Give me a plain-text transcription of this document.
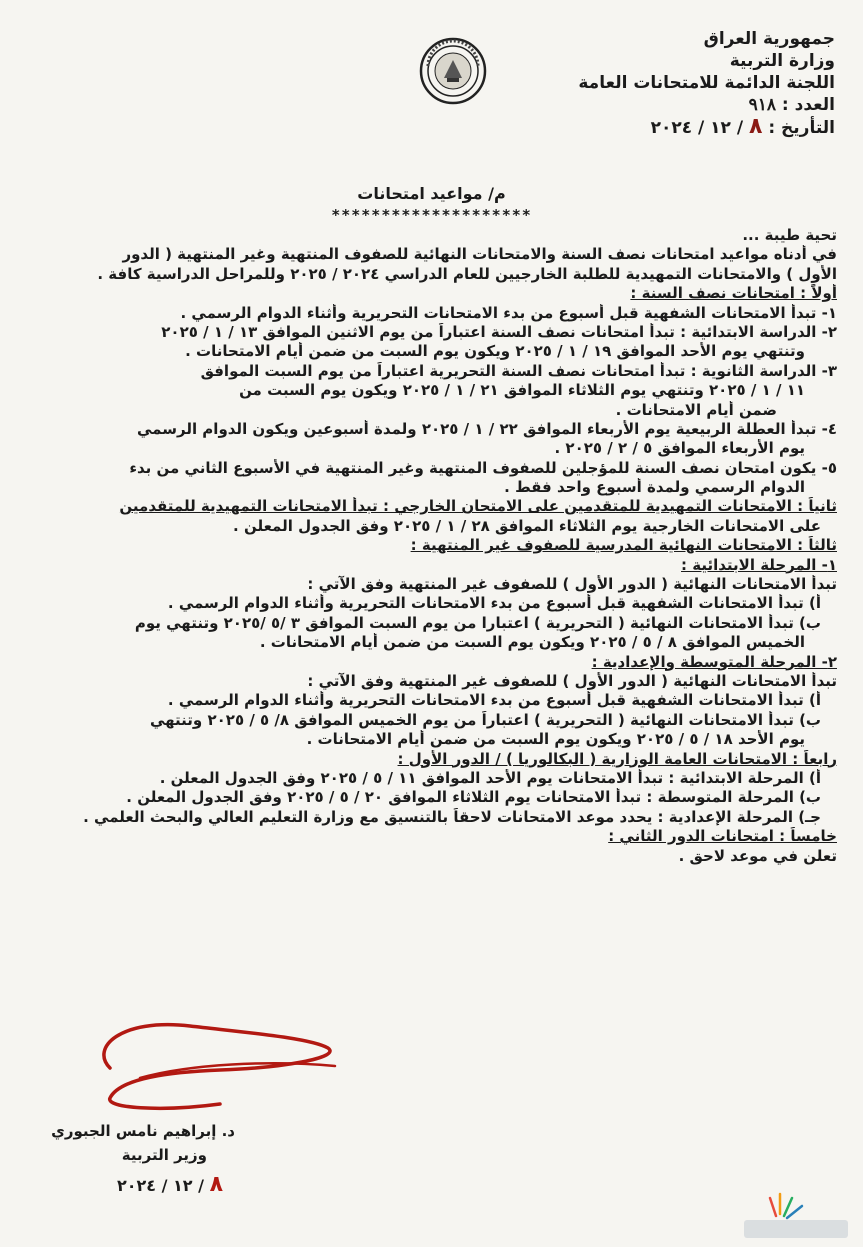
جمهورية العراق
وزارة التربية
اللجنة الدائمة للامتحانات العامة
العدد : ٩١٨
التأريخ : ٨ / ١٢ / ٢٠٢٤
م/ مواعيد امتحانات
********************
تحية طيبة ...
في أدناه مواعيد امتحانات نصف السنة والامتحانات النهائية للصفوف المنتهية وغير المنتهية ( الدور
الأول ) والامتحانات التمهيدية للطلبة الخارجيين للعام الدراسي ٢٠٢٤ / ٢٠٢٥ وللمراحل الدراسية كافة .
أولاً : امتحانات نصف السنة :
١- تبدأ الامتحانات الشفهية قبل أسبوع من بدء الامتحانات التحريرية وأثناء الدوام الرسمي .
٢- الدراسة الابتدائية : تبدأ امتحانات نصف السنة اعتباراً من يوم الاثنين الموافق ١٣ / ١ / ٢٠٢٥
وتنتهي يوم الأحد الموافق ١٩ / ١ / ٢٠٢٥ ويكون يوم السبت من ضمن أيام الامتحانات .
٣- الدراسة الثانوية : تبدأ امتحانات نصف السنة التحريرية اعتباراً من يوم السبت الموافق
١١ / ١ / ٢٠٢٥ وتنتهي يوم الثلاثاء الموافق ٢١ / ١ / ٢٠٢٥ ويكون يوم السبت من
ضمن أيام الامتحانات .
٤- تبدأ العطلة الربيعية يوم الأربعاء الموافق ٢٢ / ١ / ٢٠٢٥ ولمدة أسبوعين ويكون الدوام الرسمي
يوم الأربعاء الموافق ٥ / ٢ / ٢٠٢٥ .
٥- يكون امتحان نصف السنة للمؤجلين للصفوف المنتهية وغير المنتهية في الأسبوع الثاني من بدء
الدوام الرسمي ولمدة أسبوع واحد فقط .
ثانياً : الامتحانات التمهيدية للمتقدمين على الامتحان الخارجي : تبدأ الامتحانات التمهيدية للمتقدمين
على الامتحانات الخارجية يوم الثلاثاء الموافق ٢٨ / ١ / ٢٠٢٥ وفق الجدول المعلن .
ثالثاً : الامتحانات النهائية المدرسية للصفوف غير المنتهية :
١- المرحلة الابتدائية :
تبدأ الامتحانات النهائية ( الدور الأول ) للصفوف غير المنتهية وفق الآتي :
أ) تبدأ الامتحانات الشفهية قبل أسبوع من بدء الامتحانات التحريرية وأثناء الدوام الرسمي .
ب) تبدأ الامتحانات النهائية ( التحريرية ) اعتبارا من يوم السبت الموافق ٣ /٥ /٢٠٢٥ وتنتهي يوم
الخميس الموافق ٨ / ٥ / ٢٠٢٥ ويكون يوم السبت من ضمن أيام الامتحانات .
٢- المرحلة المتوسطة والإعدادية :
تبدأ الامتحانات النهائية ( الدور الأول ) للصفوف غير المنتهية وفق الآتي :
أ) تبدأ الامتحانات الشفهية قبل أسبوع من بدء الامتحانات التحريرية وأثناء الدوام الرسمي .
ب) تبدأ الامتحانات النهائية ( التحريرية ) اعتباراً من يوم الخميس الموافق ٨/ ٥ / ٢٠٢٥ وتنتهي
يوم الأحد ١٨ / ٥ / ٢٠٢٥ ويكون يوم السبت من ضمن أيام الامتحانات .
رابعاً : الامتحانات العامة الوزارية ( البكالوريا ) / الدور الأول :
أ) المرحلة الابتدائية : تبدأ الامتحانات يوم الأحد الموافق ١١ / ٥ / ٢٠٢٥ وفق الجدول المعلن .
ب) المرحلة المتوسطة : تبدأ الامتحانات يوم الثلاثاء الموافق ٢٠ / ٥ / ٢٠٢٥ وفق الجدول المعلن .
جـ) المرحلة الإعدادية : يحدد موعد الامتحانات لاحقاً بالتنسيق مع وزارة التعليم العالي والبحث العلمي .
خامساً : امتحانات الدور الثاني :
تعلن في موعد لاحق .
د. إبراهيم نامس الجبوري
وزير التربية
٨ / ١٢ / ٢٠٢٤
